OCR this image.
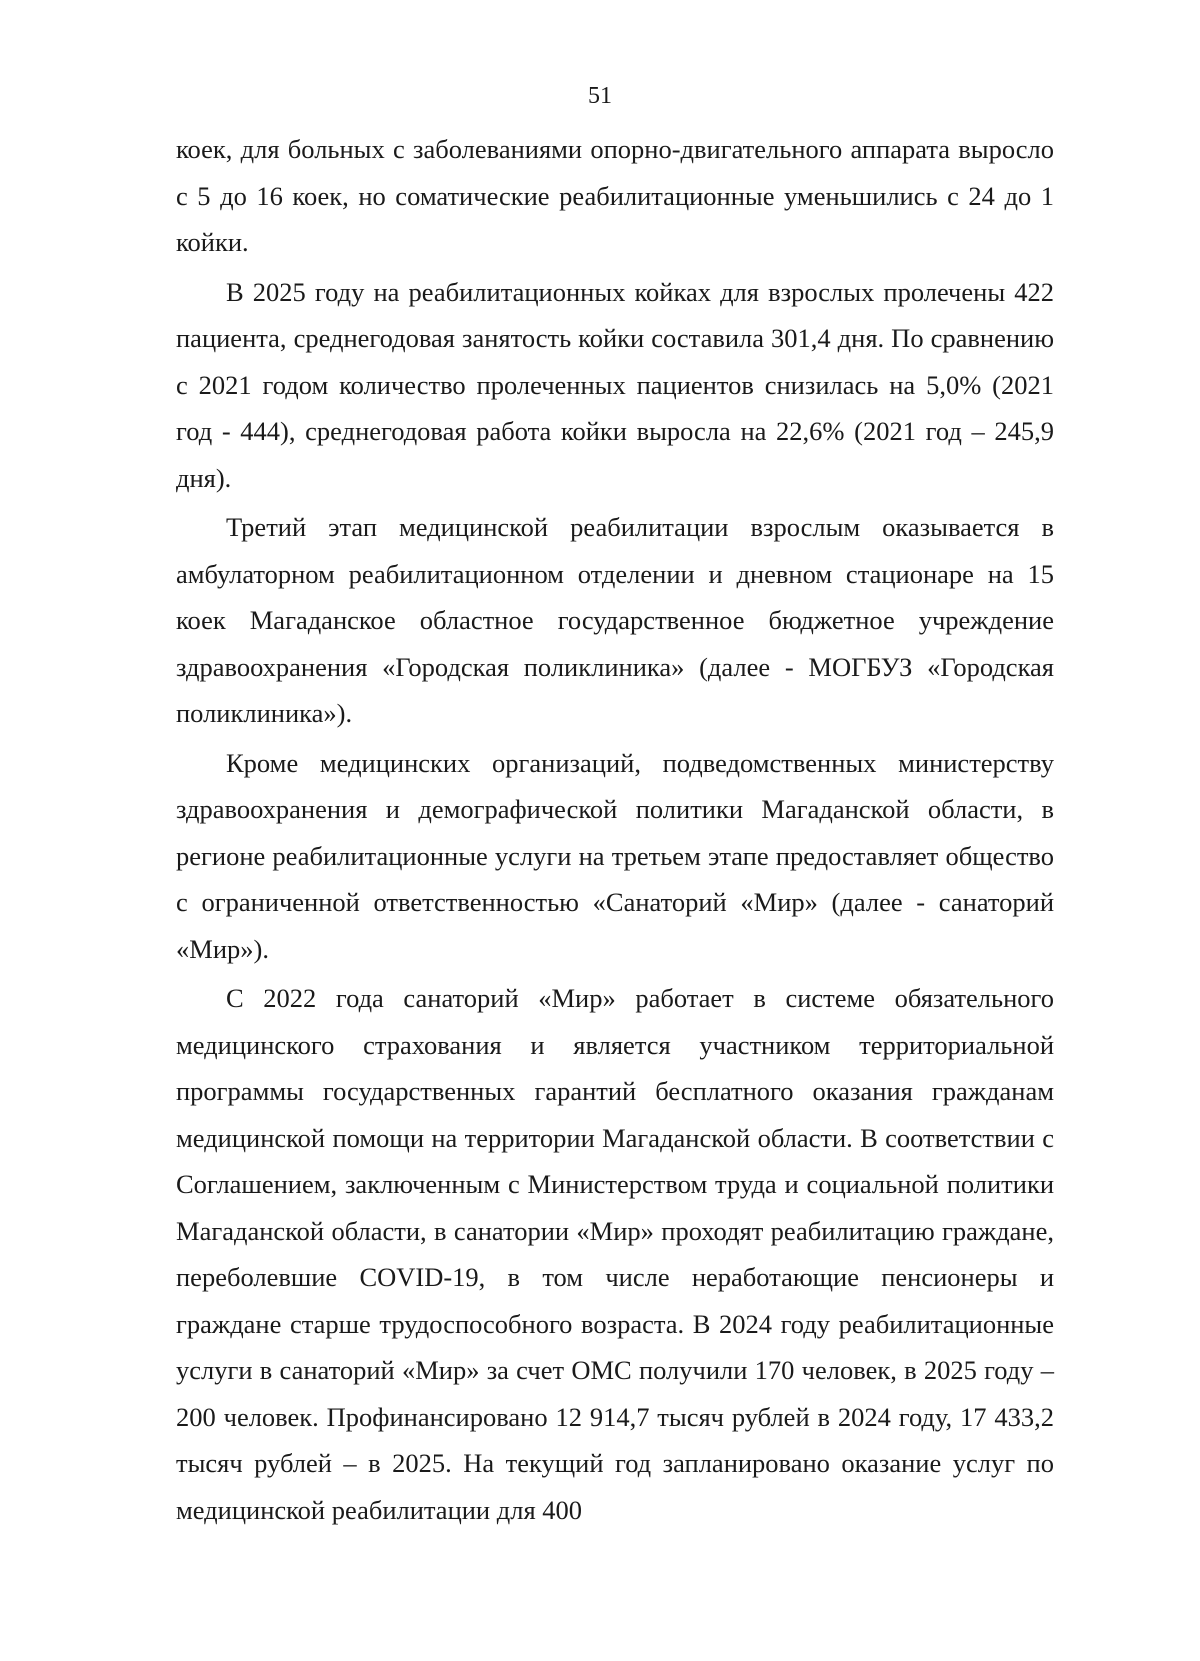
51

коек, для больных с заболеваниями опорно-двигательного аппарата выросло с 5 до 16 коек, но соматические реабилитационные уменьшились с 24 до 1 койки.

В 2025 году на реабилитационных койках для взрослых пролечены 422 пациента, среднегодовая занятость койки составила 301,4 дня. По сравнению с 2021 годом количество пролеченных пациентов снизилась на 5,0% (2021 год - 444), среднегодовая работа койки выросла на 22,6% (2021 год – 245,9 дня).

Третий этап медицинской реабилитации взрослым оказывается в амбулаторном реабилитационном отделении и дневном стационаре на 15 коек Магаданское областное государственное бюджетное учреждение здравоохранения «Городская поликлиника» (далее - МОГБУЗ «Городская поликлиника»).

Кроме медицинских организаций, подведомственных министерству здравоохранения и демографической политики Магаданской области, в регионе реабилитационные услуги на третьем этапе предоставляет общество с ограниченной ответственностью «Санаторий «Мир» (далее - санаторий «Мир»).

С 2022 года санаторий «Мир» работает в системе обязательного медицинского страхования и является участником территориальной программы государственных гарантий бесплатного оказания гражданам медицинской помощи на территории Магаданской области. В соответствии с Соглашением, заключенным с Министерством труда и социальной политики Магаданской области, в санатории «Мир» проходят реабилитацию граждане, переболевшие COVID-19, в том числе неработающие пенсионеры и граждане старше трудоспособного возраста. В 2024 году реабилитационные услуги в санаторий «Мир» за счет ОМС получили 170 человек, в 2025 году – 200 человек. Профинансировано 12 914,7 тысяч рублей в 2024 году, 17 433,2 тысяч рублей – в 2025. На текущий год запланировано оказание услуг по медицинской реабилитации для 400
